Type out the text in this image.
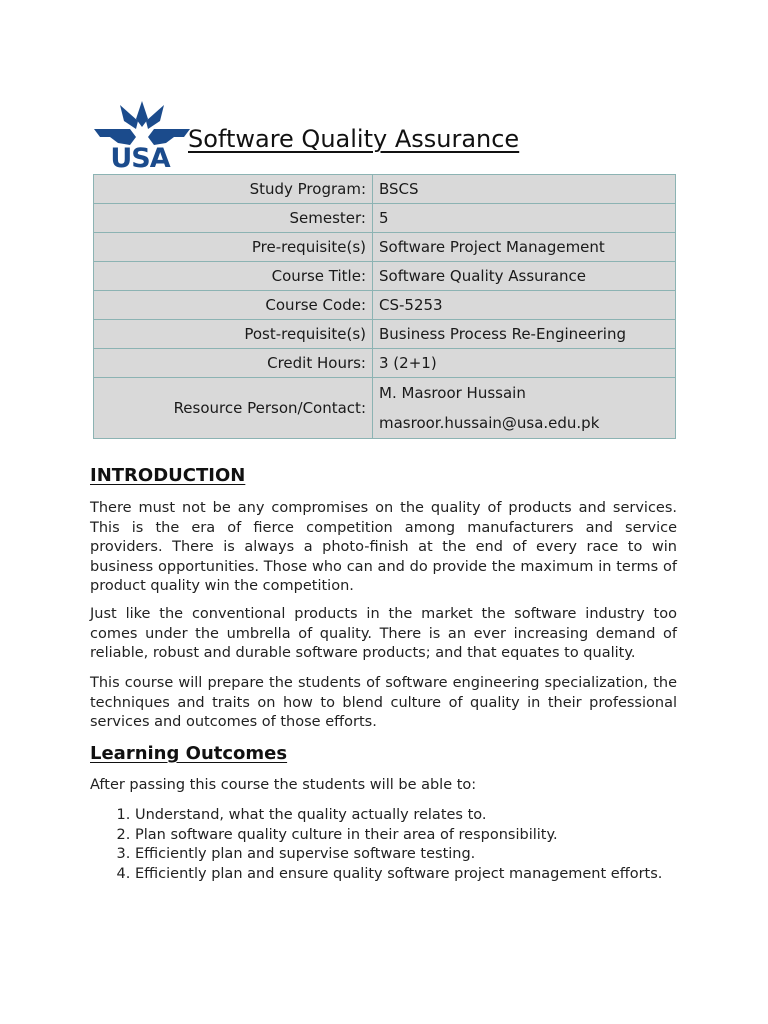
USA
Software Quality Assurance
Study Program:	BSCS
Semester:	5
Pre-requisite(s)	Software Project Management
Course Title:	Software Quality Assurance
Course Code:	CS-5253
Post-requisite(s)	Business Process Re-Engineering
Credit Hours:	3 (2+1)
Resource Person/Contact:	M. Masroor Hussain
masroor.hussain@usa.edu.pk
INTRODUCTION

There must not be any compromises on the quality of products and services. This is the era of fierce competition among manufacturers and service providers. There is always a photo-finish at the end of every race to win business opportunities. Those who can and do provide the maximum in terms of product quality win the competition.

Just like the conventional products in the market the software industry too comes under the umbrella of quality. There is an ever increasing demand of reliable, robust and durable software products; and that equates to quality.

This course will prepare the students of software engineering specialization, the techniques and traits on how to blend culture of quality in their professional services and outcomes of those efforts.

Learning Outcomes

After passing this course the students will be able to:

1. Understand, what the quality actually relates to.
2. Plan software quality culture in their area of responsibility.
3. Efficiently plan and supervise software testing.
4. Efficiently plan and ensure quality software project management efforts.
